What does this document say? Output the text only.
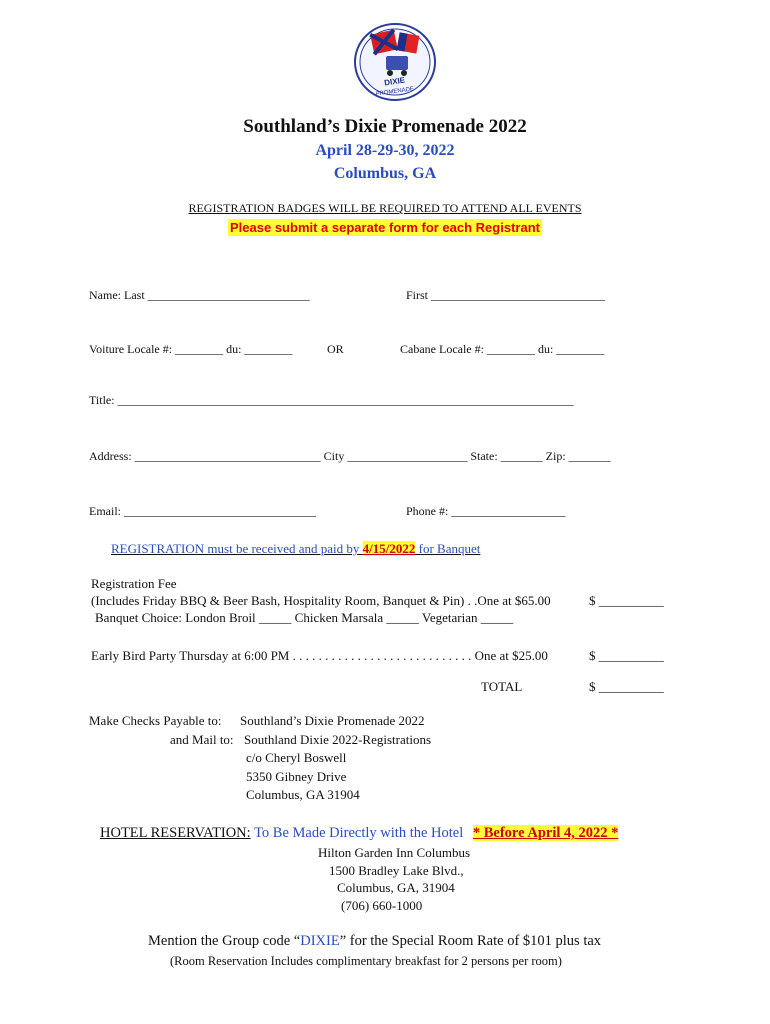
DIXIE
PROMENADE
Southland’s Dixie Promenade 2022
April 28-29-30, 2022
Columbus, GA
REGISTRATION BADGES WILL BE REQUIRED TO ATTEND ALL EVENTS
Please submit a separate form for each Registrant
Name: Last ___________________________	First _____________________________
Voiture Locale #: ________ du: ________	OR	Cabane Locale #: ________ du: ________
Title: ____________________________________________________________________________
Address: _______________________________ City ____________________ State: _______ Zip: _______
Email: ________________________________	Phone #: ___________________
REGISTRATION must be received and paid by 4/15/2022 for Banquet
Registration Fee
(Includes Friday BBQ & Beer Bash, Hospitality Room, Banquet & Pin) . .One at $65.00	$ __________
Banquet Choice: London Broil _____ Chicken Marsala _____ Vegetarian _____
Early Bird Party Thursday at 6:00 PM . . . . . . . . . . . . . . . . . . . . . . . . . . . . One at $25.00	$ __________
TOTAL	$ __________
Make Checks Payable to: Southland’s Dixie Promenade 2022
and Mail to: Southland Dixie 2022-Registrations
c/o Cheryl Boswell
5350 Gibney Drive
Columbus, GA 31904
HOTEL RESERVATION: To Be Made Directly with the Hotel * Before April 4, 2022 *
Hilton Garden Inn Columbus
1500 Bradley Lake Blvd.,
Columbus, GA, 31904
(706) 660-1000
Mention the Group code “DIXIE” for the Special Room Rate of $101 plus tax
(Room Reservation Includes complimentary breakfast for 2 persons per room)
